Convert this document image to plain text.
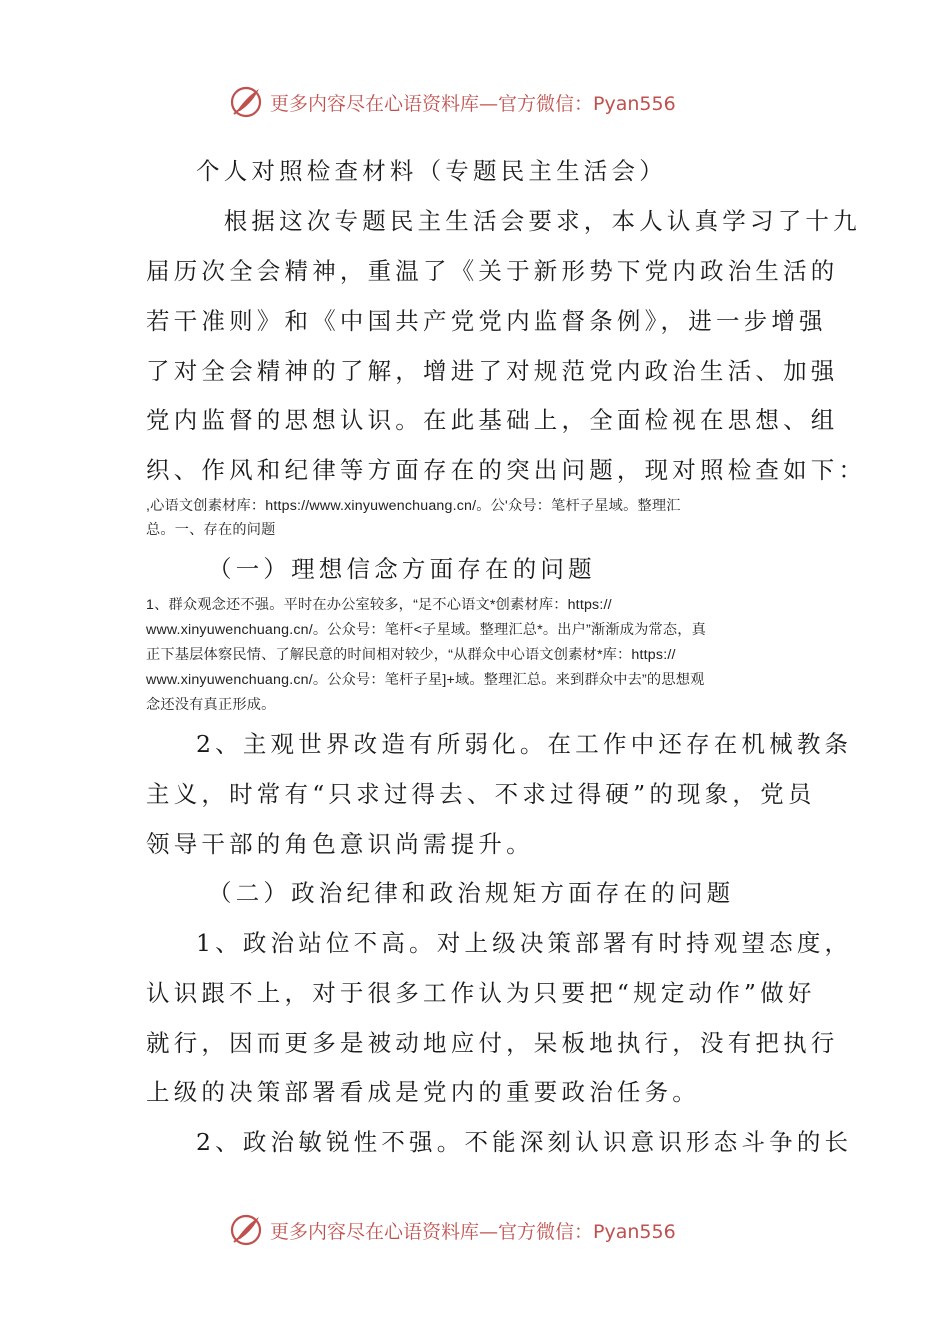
更多内容尽在心语资料库—官方微信：Pyan556
个人对照检查材料（专题民主生活会）
　根据这次专题民主生活会要求，本人认真学习了十九
届历次全会精神，重温了《关于新形势下党内政治生活的
若干准则》和《中国共产党党内监督条例》，进一步增强
了对全会精神的了解，增进了对规范党内政治生活、加强
党内监督的思想认识。在此基础上，全面检视在思想、组
织、作风和纪律等方面存在的突出问题，现对照检查如下：
,心语文创素材库：https://www.xinyuwenchuang.cn/。公'众号：笔杆子星域。整理汇
总。一、存在的问题
（一）理想信念方面存在的问题
1、群众观念还不强。平时在办公室较多，“足不心语文*创素材库：https://
www.xinyuwenchuang.cn/。公众号：笔杆<子星域。整理汇总*。出户”渐渐成为常态，真
正下基层体察民情、了解民意的时间相对较少，“从群众中心语文创素材*库：https://
www.xinyuwenchuang.cn/。公众号：笔杆子星]+域。整理汇总。来到群众中去”的思想观
念还没有真正形成。
2、主观世界改造有所弱化。在工作中还存在机械教条
主义，时常有“只求过得去、不求过得硬”的现象，党员
领导干部的角色意识尚需提升。
（二）政治纪律和政治规矩方面存在的问题
1、政治站位不高。对上级决策部署有时持观望态度，
认识跟不上，对于很多工作认为只要把“规定动作”做好
就行，因而更多是被动地应付，呆板地执行，没有把执行
上级的决策部署看成是党内的重要政治任务。
2、政治敏锐性不强。不能深刻认识意识形态斗争的长
更多内容尽在心语资料库—官方微信：Pyan556
